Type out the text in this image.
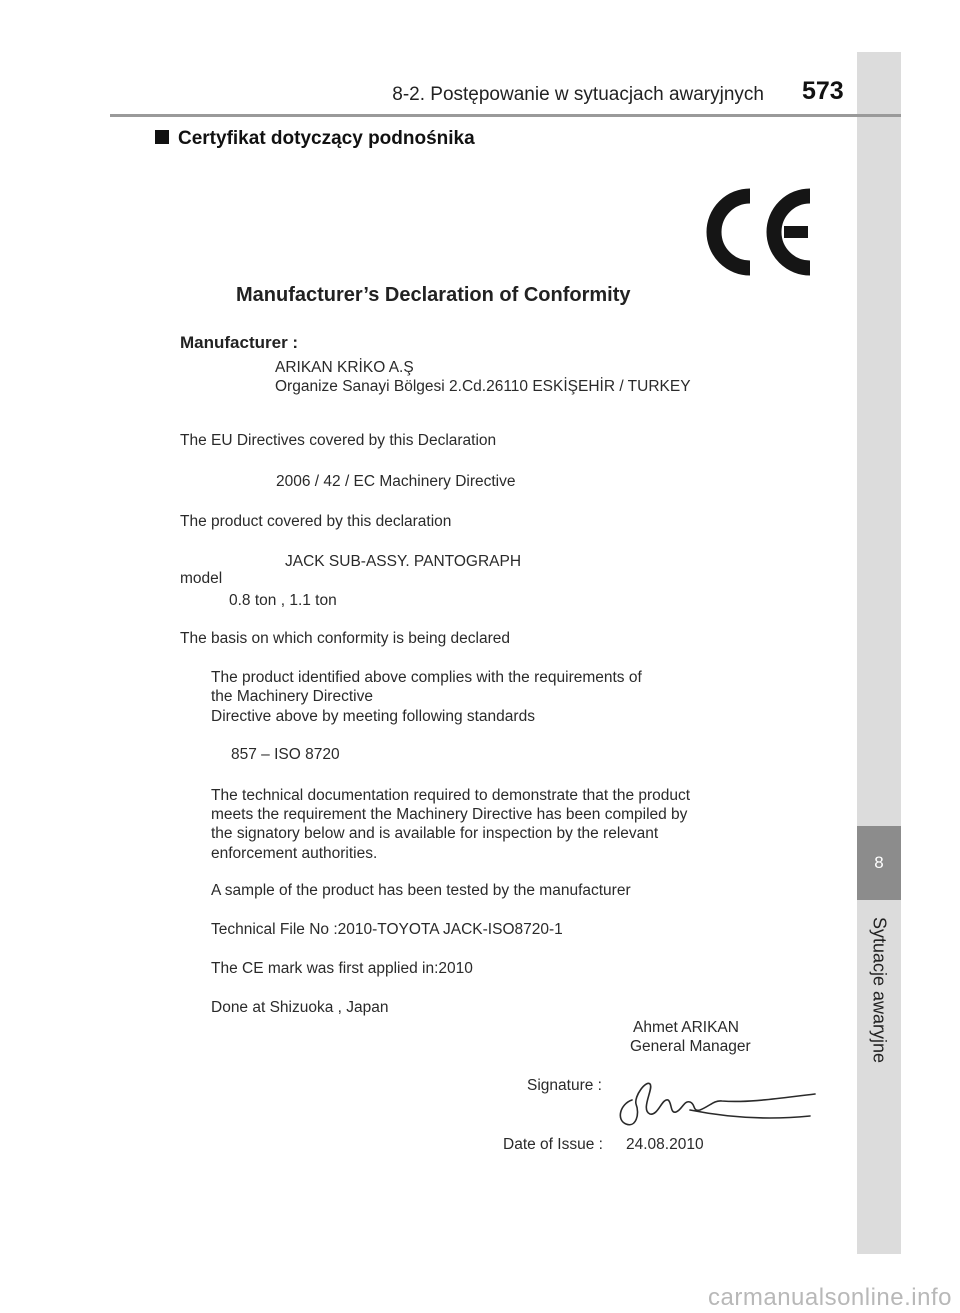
8
Sytuacje awaryjne
8-2. Postępowanie w sytuacjach awaryjnych 573
Certyfikat dotyczący podnośnika
Manufacturer’s Declaration of Conformity
Manufacturer :
ARIKAN KRİKO A.Ş
Organize Sanayi Bölgesi 2.Cd.26110 ESKİŞEHİR / TURKEY
The EU Directives covered by this Declaration
2006 / 42 / EC Machinery Directive
The product covered by this declaration
JACK SUB-ASSY. PANTOGRAPH
model
0.8 ton , 1.1 ton
The basis on which conformity is being declared
The product identified above complies with the requirements of
the Machinery Directive
Directive above by meeting following standards
857 – ISO 8720
The technical documentation required to demonstrate that the product
meets the requirement the Machinery Directive has been compiled by
the signatory below and is available for inspection by the relevant
enforcement authorities.
A sample of the product has been tested by the manufacturer
Technical File No :2010-TOYOTA JACK-ISO8720-1
The CE mark was first applied in:2010
Done at Shizuoka , Japan
Ahmet ARIKAN
General Manager
Signature :
Date of Issue : 24.08.2010
carmanualsonline.info
